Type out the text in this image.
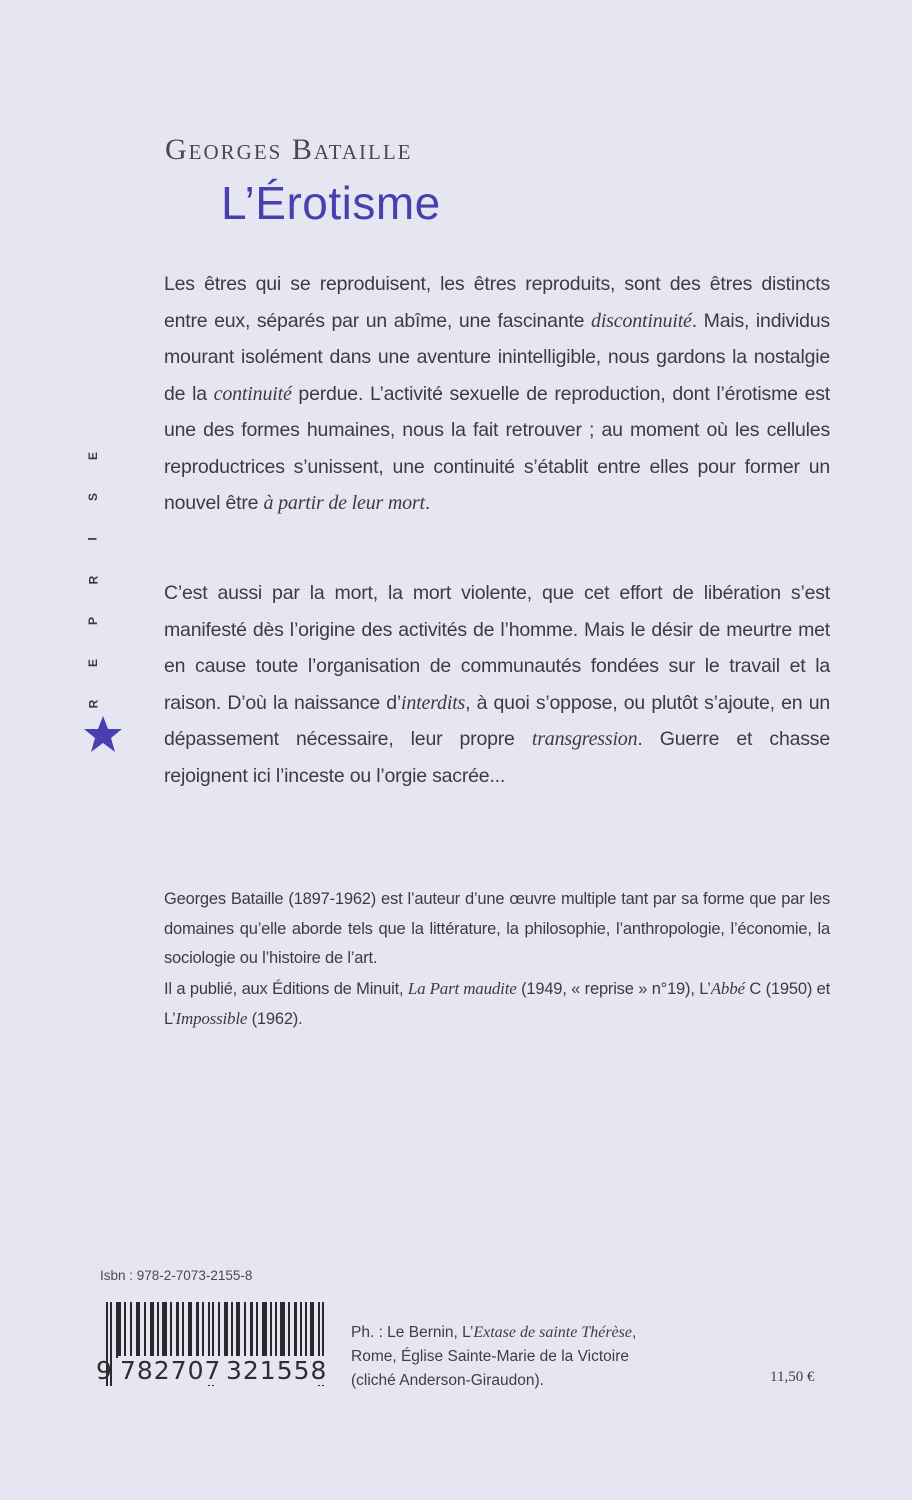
Georges Bataille
L’Érotisme
R
E
P
R
I
S
E

Les êtres qui se reproduisent, les êtres reproduits, sont des êtres distincts entre eux, séparés par un abîme, une fascinante discontinuité. Mais, individus mourant isolément dans une aventure inintelligible, nous gardons la nostalgie de la continuité perdue. L’activité sexuelle de reproduction, dont l’érotisme est une des formes humaines, nous la fait retrouver ; au moment où les cellules reproductrices s’unissent, une continuité s’établit entre elles pour former un nouvel être à partir de leur mort.

C’est aussi par la mort, la mort violente, que cet effort de libération s’est manifesté dès l’origine des activités de l’homme. Mais le désir de meurtre met en cause toute l’organisation de communautés fondées sur le travail et la raison. D’où la naissance d’interdits, à quoi s’oppose, ou plutôt s’ajoute, en un dépassement nécessaire, leur propre transgression. Guerre et chasse rejoignent ici l’inceste ou l’orgie sacrée...

Georges Bataille (1897-1962) est l’auteur d’une œuvre multiple tant par sa forme que par les domaines qu’elle aborde tels que la littérature, la philosophie, l’anthropologie, l’économie, la sociologie ou l’histoire de l’art.
Il a publié, aux Éditions de Minuit, La Part maudite (1949, « reprise » n°19), L’Abbé C (1950) et L’Impossible (1962).

Isbn : 978-2-7073-2155-8
9 782707 321558
Ph. : Le Bernin, L’Extase de sainte Thérèse,
Rome, Église Sainte-Marie de la Victoire
(cliché Anderson-Giraudon).	11,50 €
